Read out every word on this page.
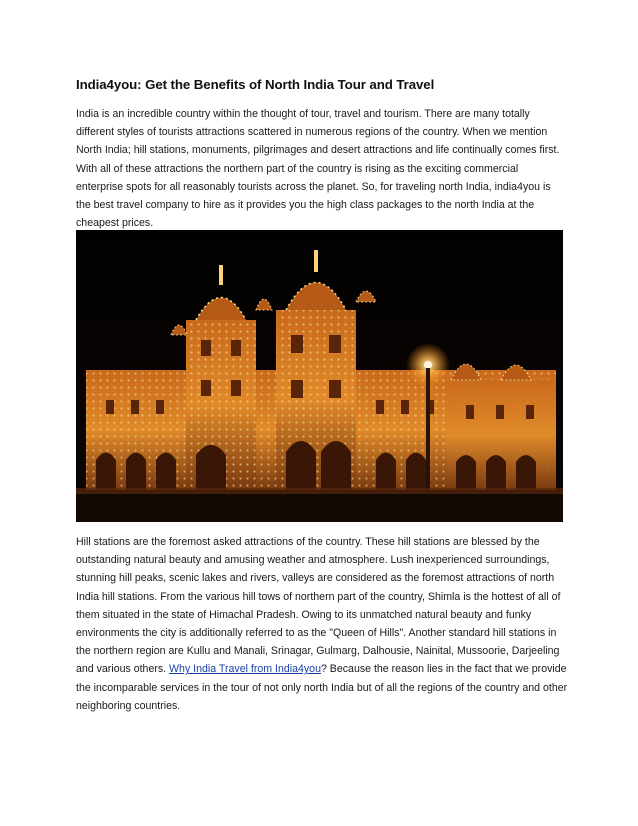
India4you: Get the Benefits of North India Tour and Travel

India is an incredible country within the thought of tour, travel and tourism. There are many totally different styles of tourists attractions scattered in numerous regions of the country. When we mention North India; hill stations, monuments, pilgrimages and desert attractions and life continually comes first. With all of these attractions the northern part of the country is rising as the exciting commercial enterprise spots for all reasonably tourists across the planet. So, for traveling north India, india4you is the best travel company to hire as it provides you the high class packages to the north India at the cheapest prices.

Hill stations are the foremost asked attractions of the country. These hill stations are blessed by the outstanding natural beauty and amusing weather and atmosphere. Lush inexperienced surroundings, stunning hill peaks, scenic lakes and rivers, valleys are considered as the foremost attractions of north India hill stations. From the various hill tows of northern part of the country, Shimla is the hottest of all of them situated in the state of Himachal Pradesh. Owing to its unmatched natural beauty and funky environments the city is additionally referred to as the "Queen of Hills". Another standard hill stations in the northern region are Kullu and Manali, Srinagar, Gulmarg, Dalhousie, Nainital, Mussoorie, Darjeeling and various others. Why India Travel from India4you? Because the reason lies in the fact that we provide the incomparable services in the tour of not only north India but of all the regions of the country and other neighboring countries.
